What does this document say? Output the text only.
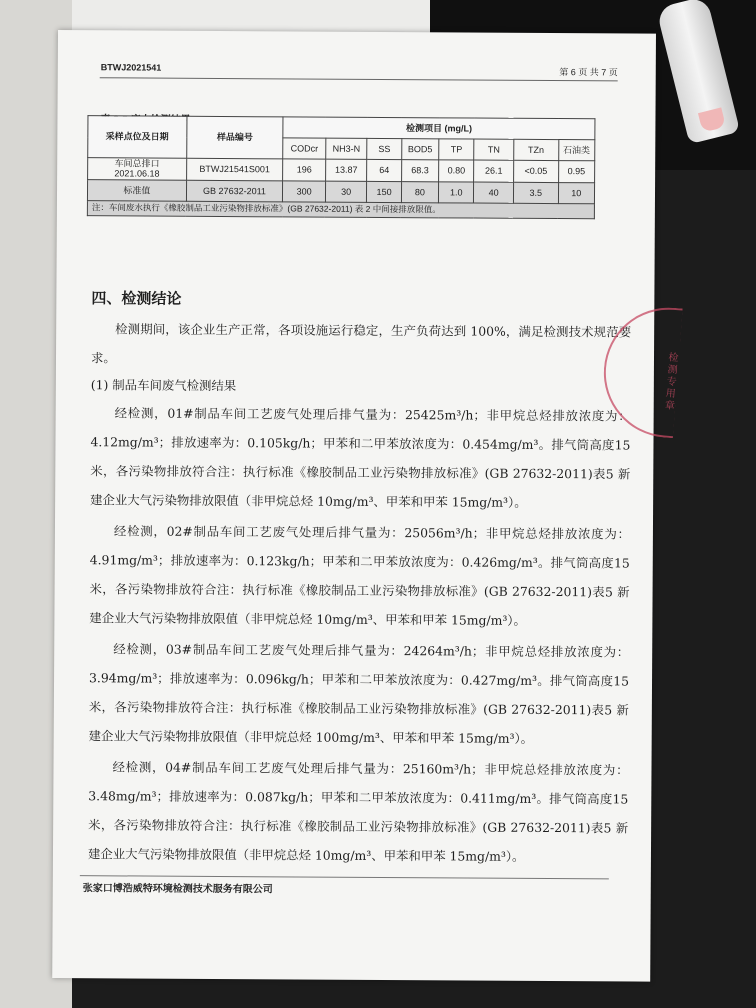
BTWJ2021541	第 6 页 共 7 页
采样点位及日期	样品编号	检测项目 (mg/L)							
		CODcr	NH3-N	SS	BOD5	TP	TN	TZn	石油类
车间总排口
2021.06.18	BTWJ21541S001	196	13.87	64	68.3	0.80	26.1	<0.05	0.95
标准值	GB 27632-2011	300	30	150	80	1.0	40	3.5	10
注：车间废水执行《橡胶制品工业污染物排放标准》(GB 27632-2011) 表 2 中间接排放限值。									
四、检测结论
检测期间，该企业生产正常，各项设施运行稳定，生产负荷达到 100%，满足检测技术规范要求。
(1) 制品车间废气检测结果
经检测，01#制品车间工艺废气处理后排气量为：25425m³/h；非甲烷总烃排放浓度为：4.12mg/m³；排放速率为：0.105kg/h；甲苯和二甲苯放浓度为：0.454mg/m³。排气筒高度15米，各污染物排放符合注：执行标准《橡胶制品工业污染物排放标准》(GB 27632-2011)表5 新建企业大气污染物排放限值（非甲烷总烃 10mg/m³、甲苯和甲苯 15mg/m³）。
经检测，02#制品车间工艺废气处理后排气量为：25056m³/h；非甲烷总烃排放浓度为：4.91mg/m³；排放速率为：0.123kg/h；甲苯和二甲苯放浓度为：0.426mg/m³。排气筒高度15米，各污染物排放符合注：执行标准《橡胶制品工业污染物排放标准》(GB 27632-2011)表5 新建企业大气污染物排放限值（非甲烷总烃 10mg/m³、甲苯和甲苯 15mg/m³）。
经检测，03#制品车间工艺废气处理后排气量为：24264m³/h；非甲烷总烃排放浓度为：3.94mg/m³；排放速率为：0.096kg/h；甲苯和二甲苯放浓度为：0.427mg/m³。排气筒高度15米，各污染物排放符合注：执行标准《橡胶制品工业污染物排放标准》(GB 27632-2011)表5 新建企业大气污染物排放限值（非甲烷总烃 100mg/m³、甲苯和甲苯 15mg/m³）。
经检测，04#制品车间工艺废气处理后排气量为：25160m³/h；非甲烷总烃排放浓度为：3.48mg/m³；排放速率为：0.087kg/h；甲苯和二甲苯放浓度为：0.411mg/m³。排气筒高度15米，各污染物排放符合注：执行标准《橡胶制品工业污染物排放标准》(GB 27632-2011)表5 新建企业大气污染物排放限值（非甲烷总烃 10mg/m³、甲苯和甲苯 15mg/m³）。
张家口博浩威特环境检测技术服务有限公司
检测专用章
